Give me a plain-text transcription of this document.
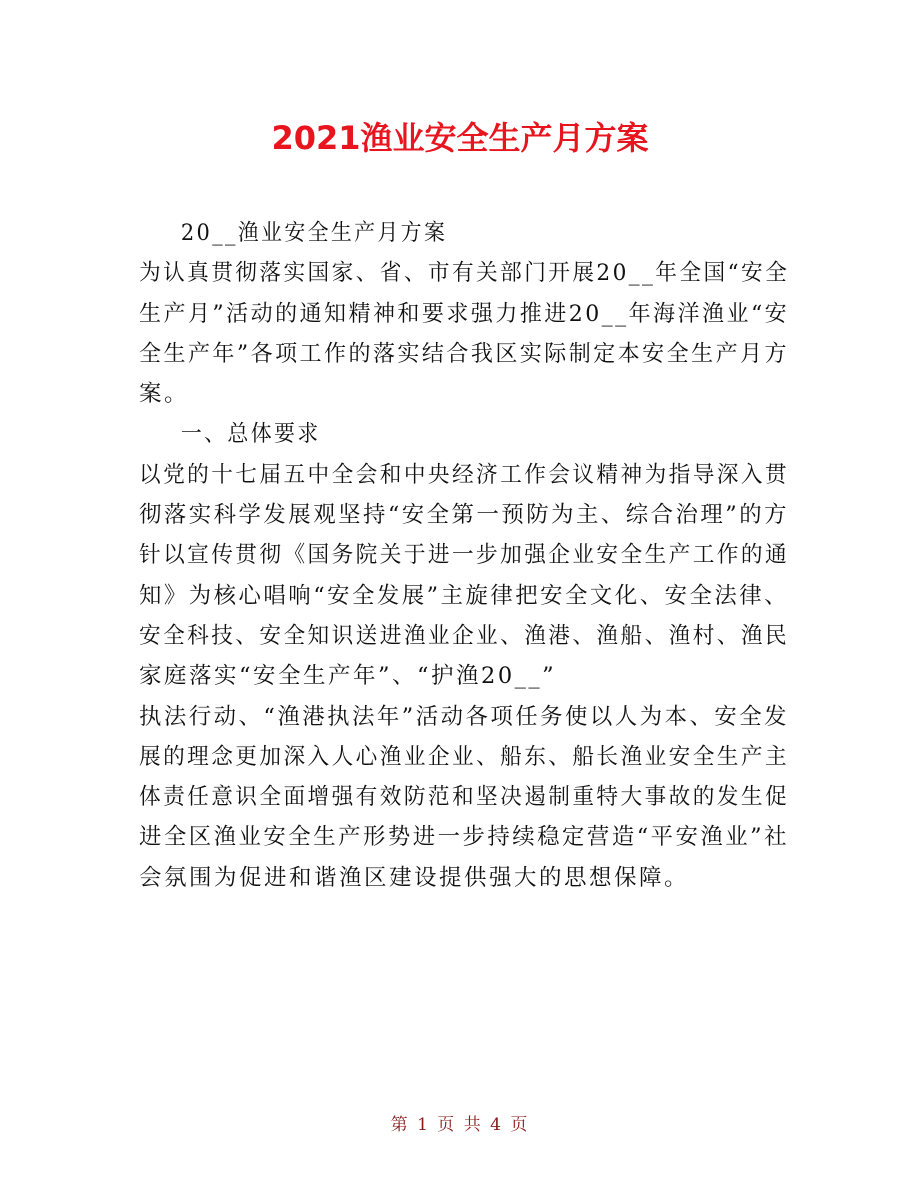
2021渔业安全生产月方案

20__渔业安全生产月方案

为认真贯彻落实国家、省、市有关部门开展20__年全国“安全
生产月”活动的通知精神和要求强力推进20__年海洋渔业“安
全生产年”各项工作的落实结合我区实际制定本安全生产月方
案。

一、总体要求

以党的十七届五中全会和中央经济工作会议精神为指导深入贯
彻落实科学发展观坚持“安全第一预防为主、综合治理”的方
针以宣传贯彻《国务院关于进一步加强企业安全生产工作的通
知》为核心唱响“安全发展”主旋律把安全文化、安全法律、
安全科技、安全知识送进渔业企业、渔港、渔船、渔村、渔民
家庭落实“安全生产年”、“护渔20__”

执法行动、“渔港执法年”活动各项任务使以人为本、安全发
展的理念更加深入人心渔业企业、船东、船长渔业安全生产主
体责任意识全面增强有效防范和坚决遏制重特大事故的发生促
进全区渔业安全生产形势进一步持续稳定营造“平安渔业”社
会氛围为促进和谐渔区建设提供强大的思想保障。

第 1 页 共 4 页
